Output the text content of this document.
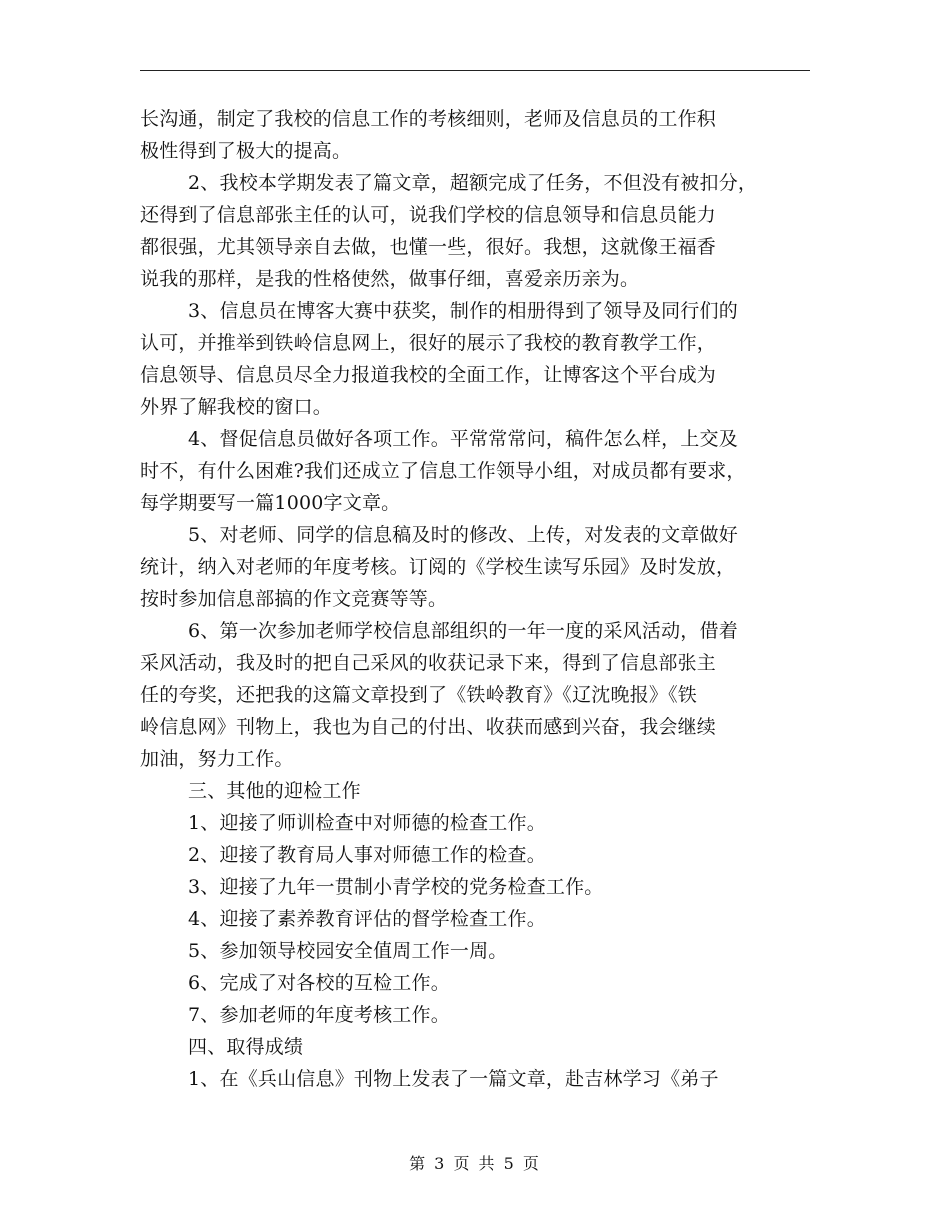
长沟通，制定了我校的信息工作的考核细则，老师及信息员的工作积
极性得到了极大的提高。
2、我校本学期发表了篇文章，超额完成了任务，不但没有被扣分，
还得到了信息部张主任的认可，说我们学校的信息领导和信息员能力
都很强，尤其领导亲自去做，也懂一些，很好。我想，这就像王福香
说我的那样，是我的性格使然，做事仔细，喜爱亲历亲为。
3、信息员在博客大赛中获奖，制作的相册得到了领导及同行们的
认可，并推举到铁岭信息网上，很好的展示了我校的教育教学工作，
信息领导、信息员尽全力报道我校的全面工作，让博客这个平台成为
外界了解我校的窗口。
4、督促信息员做好各项工作。平常常常问，稿件怎么样，上交及
时不，有什么困难?我们还成立了信息工作领导小组，对成员都有要求，
每学期要写一篇1000字文章。
5、对老师、同学的信息稿及时的修改、上传，对发表的文章做好
统计，纳入对老师的年度考核。订阅的《学校生读写乐园》及时发放，
按时参加信息部搞的作文竞赛等等。
6、第一次参加老师学校信息部组织的一年一度的采风活动，借着
采风活动，我及时的把自己采风的收获记录下来，得到了信息部张主
任的夸奖，还把我的这篇文章投到了《铁岭教育》《辽沈晚报》《铁
岭信息网》刊物上，我也为自己的付出、收获而感到兴奋，我会继续
加油，努力工作。
三、其他的迎检工作
1、迎接了师训检查中对师德的检查工作。
2、迎接了教育局人事对师德工作的检查。
3、迎接了九年一贯制小青学校的党务检查工作。
4、迎接了素养教育评估的督学检查工作。
5、参加领导校园安全值周工作一周。
6、完成了对各校的互检工作。
7、参加老师的年度考核工作。
四、取得成绩
1、在《兵山信息》刊物上发表了一篇文章，赴吉林学习《弟子
第 3 页 共 5 页
